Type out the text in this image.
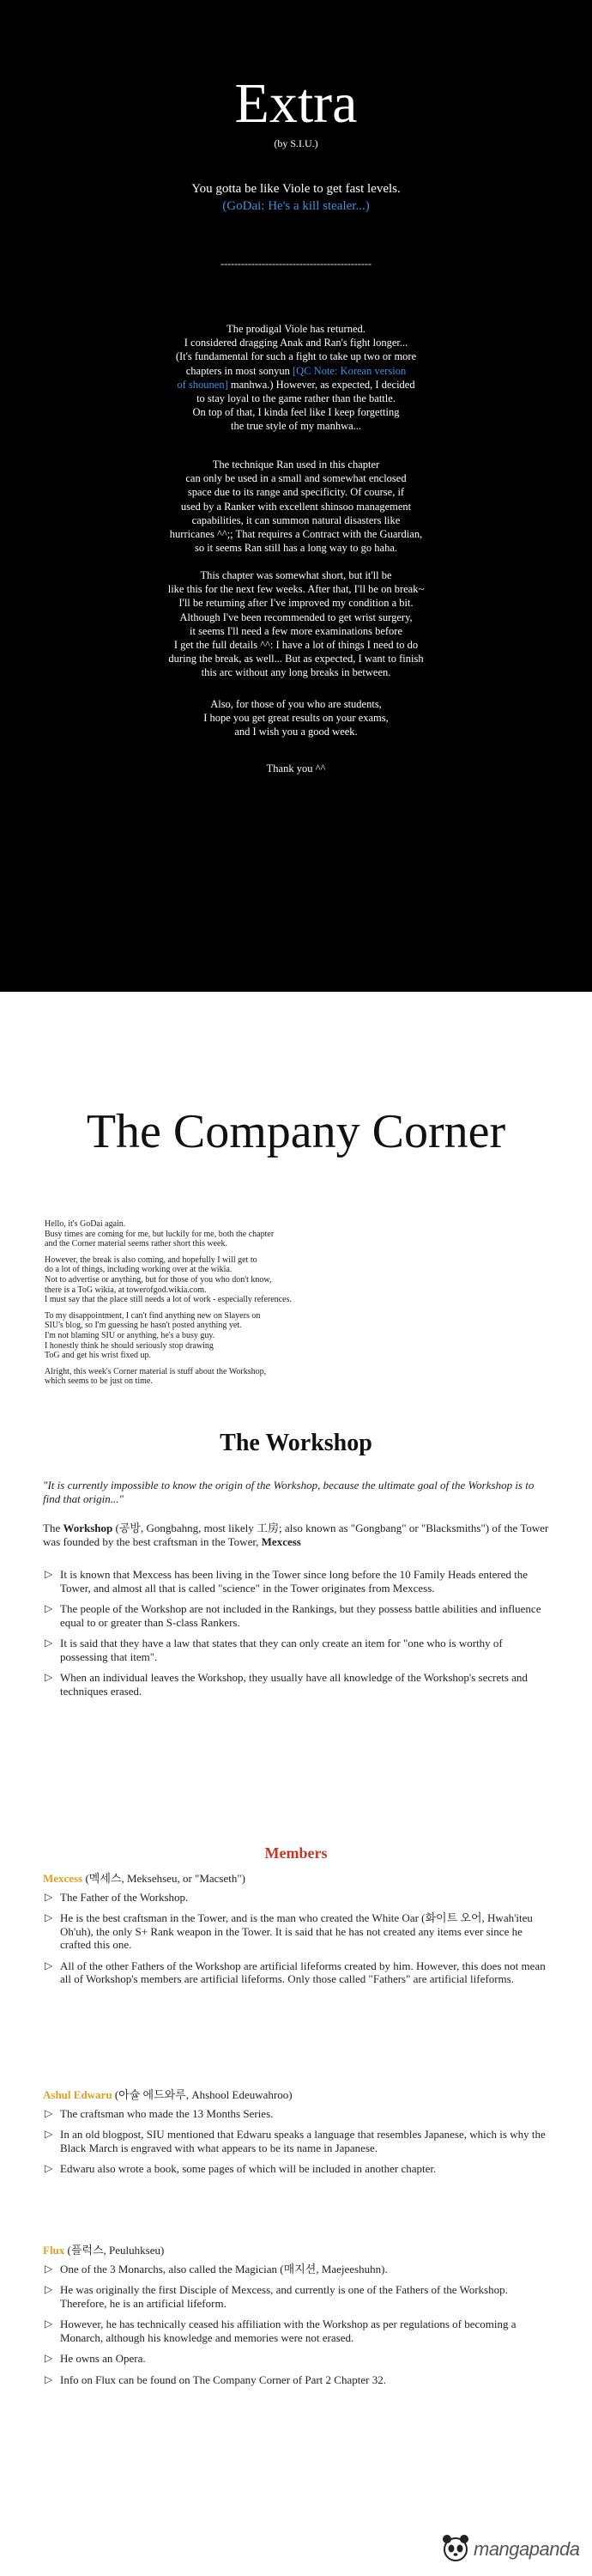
Extra
(by S.I.U.)
You gotta be like Viole to get fast levels.
(GoDai: He's a kill stealer...)
--------------------------------------------

The prodigal Viole has returned.

I considered dragging Anak and Ran's fight longer...

(It's fundamental for such a fight to take up two or more

chapters in most sonyun [QC Note: Korean version

of shounen] manhwa.) However, as expected, I decided

to stay loyal to the game rather than the battle.

On top of that, I kinda feel like I keep forgetting

the true style of my manhwa...

The technique Ran used in this chapter

can only be used in a small and somewhat enclosed

space due to its range and specificity. Of course, if

used by a Ranker with excellent shinsoo management

capabilities, it can summon natural disasters like

hurricanes ^^;; That requires a Contract with the Guardian,

so it seems Ran still has a long way to go haha.

This chapter was somewhat short, but it'll be

like this for the next few weeks. After that, I'll be on break~

I'll be returning after I've improved my condition a bit.

Although I've been recommended to get wrist surgery,

it seems I'll need a few more examinations before

I get the full details ^^: I have a lot of things I need to do

during the break, as well... But as expected, I want to finish

this arc without any long breaks in between.

Also, for those of you who are students,

I hope you get great results on your exams,

and I wish you a good week.

Thank you ^^

The Company Corner

Hello, it's GoDai again.
Busy times are coming for me, but luckily for me, both the chapter
and the Corner material seems rather short this week.

However, the break is also coming, and hopefully I will get to
do a lot of things, including working over at the wikia.
Not to advertise or anything, but for those of you who don't know,
there is a ToG wikia, at towerofgod.wikia.com.
I must say that the place still needs a lot of work - especially references.

To my disappointment, I can't find anything new on Slayers on
SIU's blog, so I'm guessing he hasn't posted anything yet.
I'm not blaming SIU or anything, he's a busy guy.
I honestly think he should seriously stop drawing
ToG and get his wrist fixed up.

Alright, this week's Corner material is stuff about the Workshop,
which seems to be just on time.

The Workshop
"It is currently impossible to know the origin of the Workshop, because the ultimate goal of the Workshop is to find that origin..."
The Workshop (공방, Gongbahng, most likely 工房; also known as "Gongbang" or "Blacksmiths") of the Tower was founded by the best craftsman in the Tower, Mexcess
▷ It is known that Mexcess has been living in the Tower since long before the 10 Family Heads entered the Tower, and almost all that is called "science" in the Tower originates from Mexcess.
▷ The people of the Workshop are not included in the Rankings, but they possess battle abilities and influence equal to or greater than S-class Rankers.
▷ It is said that they have a law that states that they can only create an item for "one who is worthy of possessing that item".
▷ When an individual leaves the Workshop, they usually have all knowledge of the Workshop's secrets and techniques erased.
Members
Mexcess (멕세스, Meksehseu, or "Macseth")
▷ The Father of the Workshop.
▷ He is the best craftsman in the Tower, and is the man who created the White Oar (화이트 오어, Hwah'iteu Oh'uh), the only S+ Rank weapon in the Tower. It is said that he has not created any items ever since he crafted this one.
▷ All of the other Fathers of the Workshop are artificial lifeforms created by him. However, this does not mean all of Workshop's members are artificial lifeforms. Only those called "Fathers" are artificial lifeforms.
Ashul Edwaru (아슐 에드와루, Ahshool Edeuwahroo)
▷ The craftsman who made the 13 Months Series.
▷ In an old blogpost, SIU mentioned that Edwaru speaks a language that resembles Japanese, which is why the Black March is engraved with what appears to be its name in Japanese.
▷ Edwaru also wrote a book, some pages of which will be included in another chapter.
Flux (플럭스, Peuluhkseu)
▷ One of the 3 Monarchs, also called the Magician (매지션, Maejeeshuhn).
▷ He was originally the first Disciple of Mexcess, and currently is one of the Fathers of the Workshop. Therefore, he is an artificial lifeform.
▷ However, he has technically ceased his affiliation with the Workshop as per regulations of becoming a Monarch, although his knowledge and memories were not erased.
▷ He owns an Opera.
▷ Info on Flux can be found on The Company Corner of Part 2 Chapter 32.
mangapanda
